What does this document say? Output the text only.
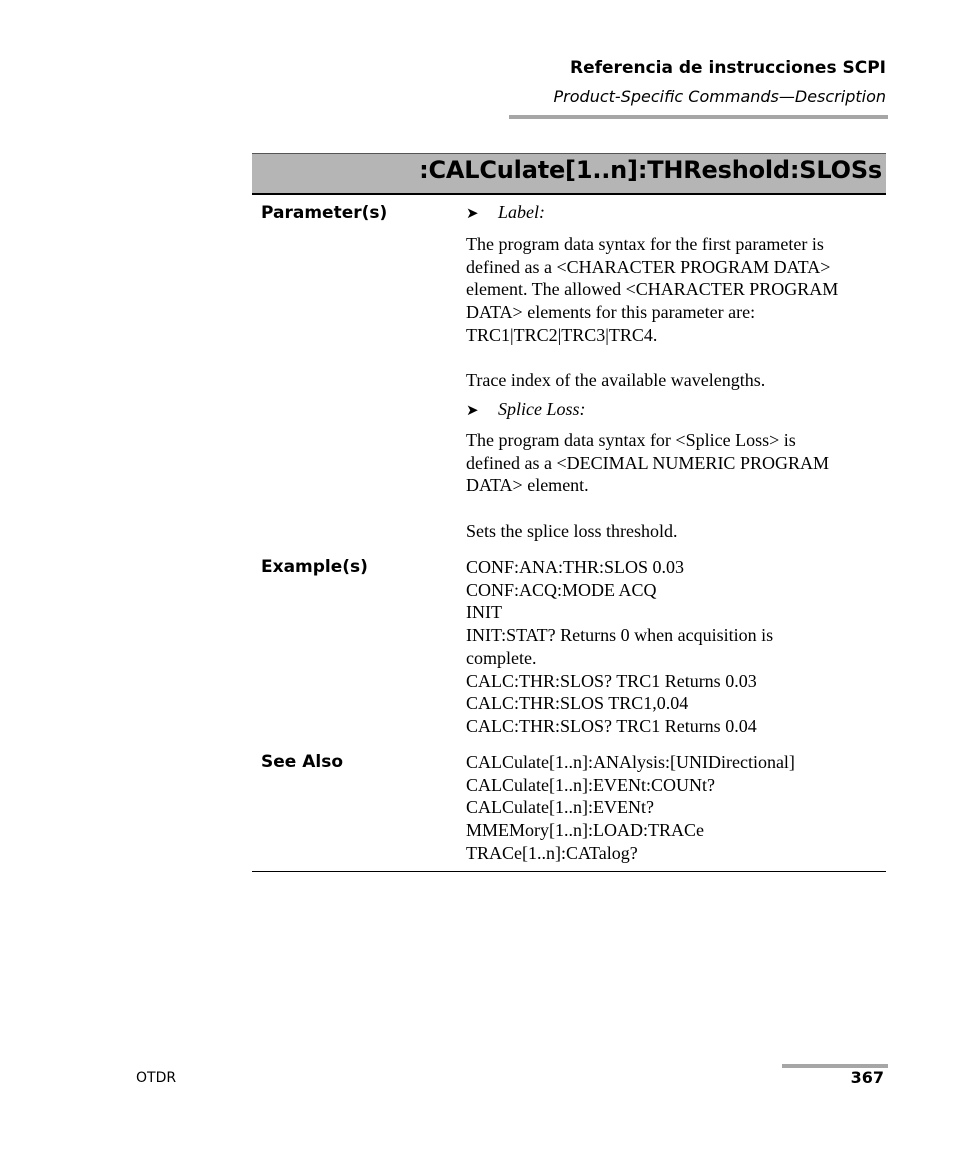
Referencia de instrucciones SCPI
Product-Specific Commands—Description
:CALCulate[1..n]:THReshold:SLOSs
Parameter(s)	➤ Label:
The program data syntax for the first parameter is
defined as a <CHARACTER PROGRAM DATA>
element. The allowed <CHARACTER PROGRAM
DATA> elements for this parameter are:
TRC1|TRC2|TRC3|TRC4.
Trace index of the available wavelengths.
➤ Splice Loss:
The program data syntax for <Splice Loss> is
defined as a <DECIMAL NUMERIC PROGRAM
DATA> element.
Sets the splice loss threshold.
Example(s)	CONF:ANA:THR:SLOS 0.03
CONF:ACQ:MODE ACQ
INIT
INIT:STAT? Returns 0 when acquisition is
complete.
CALC:THR:SLOS? TRC1 Returns 0.03
CALC:THR:SLOS TRC1,0.04
CALC:THR:SLOS? TRC1 Returns 0.04
See Also	CALCulate[1..n]:ANAlysis:[UNIDirectional]
CALCulate[1..n]:EVENt:COUNt?
CALCulate[1..n]:EVENt?
MMEMory[1..n]:LOAD:TRACe
TRACe[1..n]:CATalog?
OTDR	367
